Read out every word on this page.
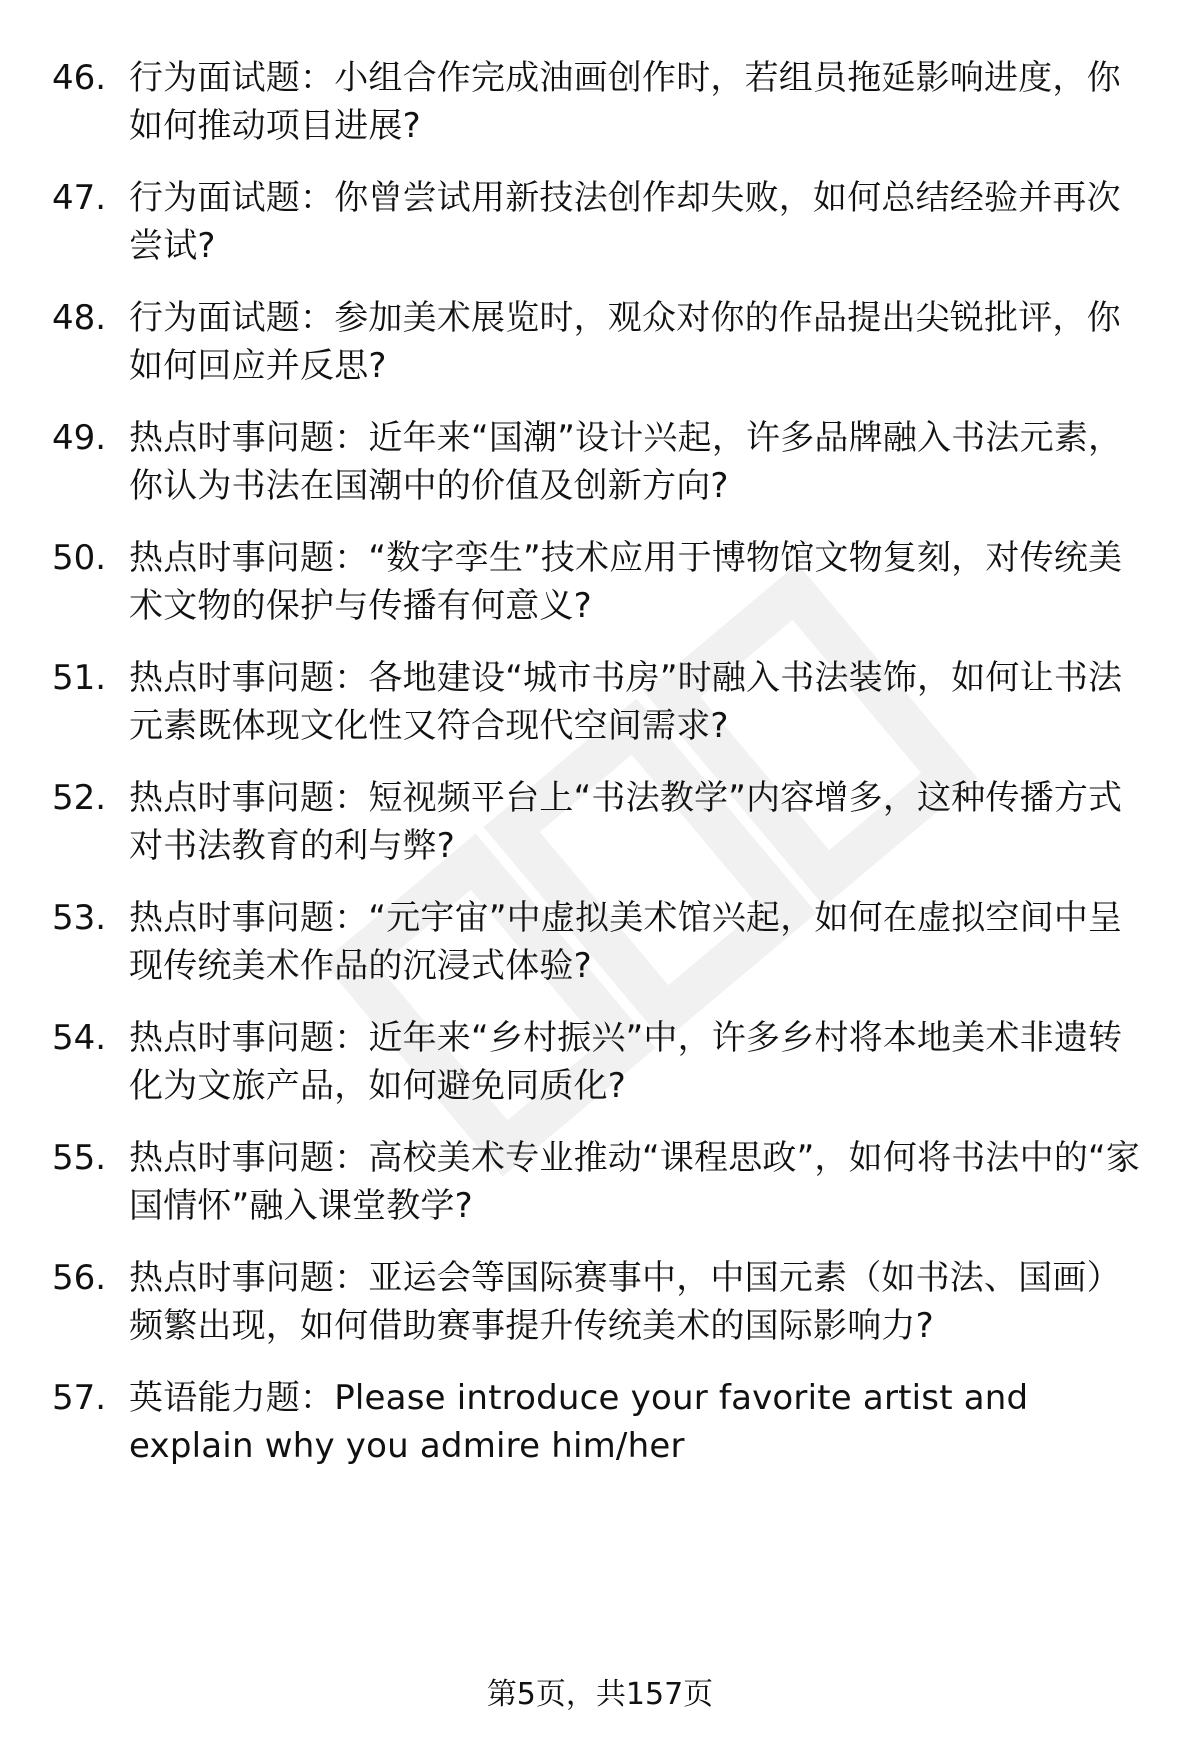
46. 行为面试题：小组合作完成油画创作时，若组员拖延影响进度，你如何推动项目进展?
47. 行为面试题：你曾尝试用新技法创作却失败，如何总结经验并再次尝试?
48. 行为面试题：参加美术展览时，观众对你的作品提出尖锐批评，你如何回应并反思?
49. 热点时事问题：近年来“国潮”设计兴起，许多品牌融入书法元素，你认为书法在国潮中的价值及创新方向?
50. 热点时事问题：“数字孪生”技术应用于博物馆文物复刻，对传统美术文物的保护与传播有何意义?
51. 热点时事问题：各地建设“城市书房”时融入书法装饰，如何让书法元素既体现文化性又符合现代空间需求?
52. 热点时事问题：短视频平台上“书法教学”内容增多，这种传播方式对书法教育的利与弊?
53. 热点时事问题：“元宇宙”中虚拟美术馆兴起，如何在虚拟空间中呈现传统美术作品的沉浸式体验?
54. 热点时事问题：近年来“乡村振兴”中，许多乡村将本地美术非遗转化为文旅产品，如何避免同质化?
55. 热点时事问题：高校美术专业推动“课程思政”，如何将书法中的“家国情怀”融入课堂教学?
56. 热点时事问题：亚运会等国际赛事中，中国元素（如书法、国画）频繁出现，如何借助赛事提升传统美术的国际影响力?
57. 英语能力题：Please introduce your favorite artist and explain why you admire him/her
第5页，共157页
